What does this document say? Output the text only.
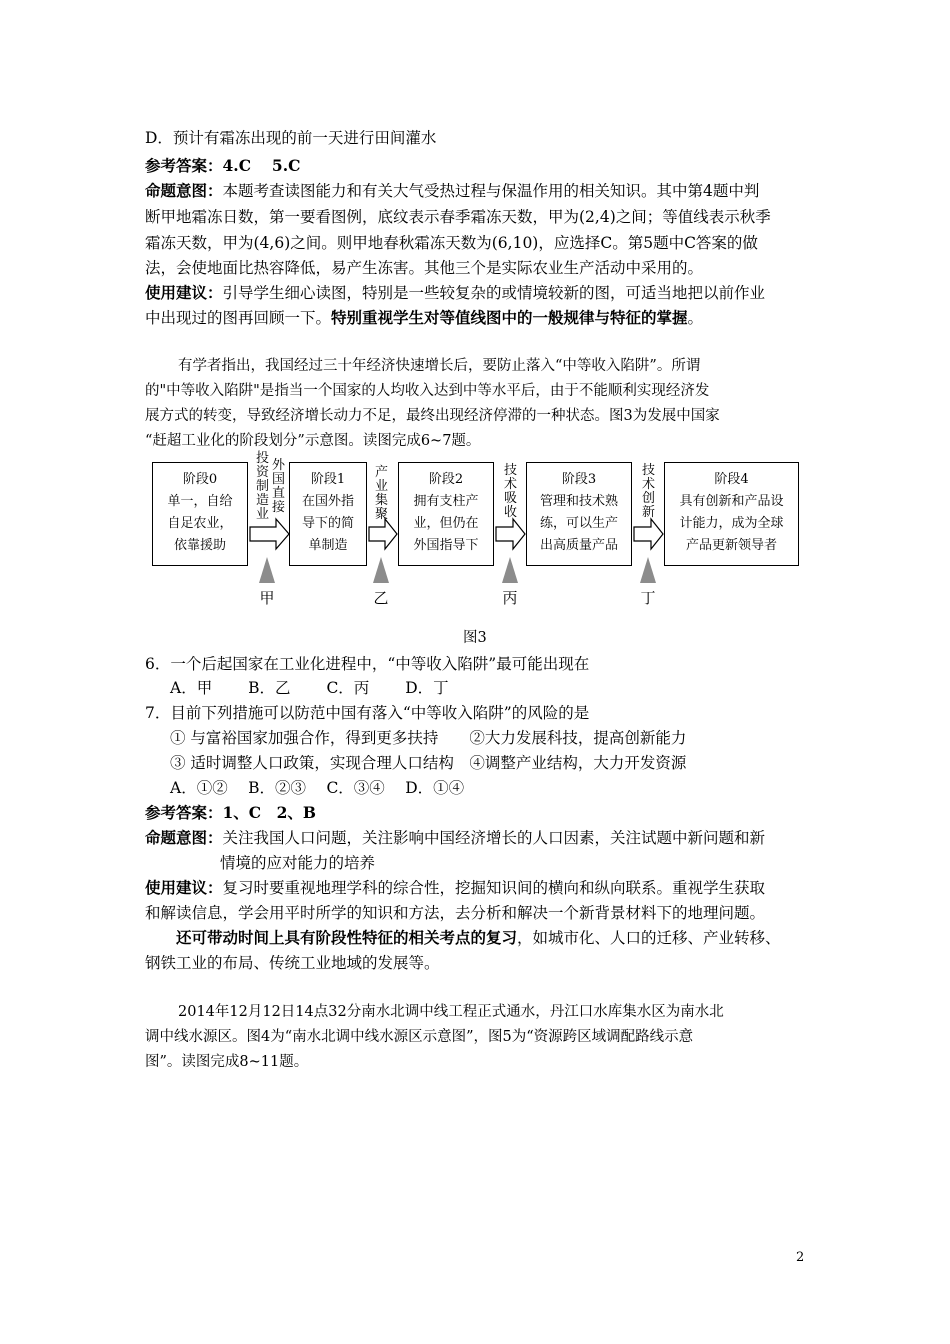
D．预计有霜冻出现的前一天进行田间灌水
参考答案：4.C　 5.C
命题意图：本题考查读图能力和有关大气受热过程与保温作用的相关知识。其中第4题中判
断甲地霜冻日数，第一要看图例，底纹表示春季霜冻天数，甲为(2,4)之间；等值线表示秋季
霜冻天数，甲为(4,6)之间。则甲地春秋霜冻天数为(6,10)，应选择C。第5题中C答案的做
法，会使地面比热容降低，易产生冻害。其他三个是实际农业生产活动中采用的。
使用建议：引导学生细心读图，特别是一些较复杂的或情境较新的图，可适当地把以前作业
中出现过的图再回顾一下。特别重视学生对等值线图中的一般规律与特征的掌握。
有学者指出，我国经过三十年经济快速增长后，要防止落入“中等收入陷阱”。所谓
的"中等收入陷阱"是指当一个国家的人均收入达到中等水平后，由于不能顺利实现经济发
展方式的转变，导致经济增长动力不足，最终出现经济停滞的一种状态。图3为发展中国家
“赶超工业化的阶段划分”示意图。读图完成6~7题。
阶段0
单一，自给
自足农业，
依靠援助
阶段1
在国外指
导下的简
单制造
阶段2
拥有支柱产
业，但仍在
外国指导下
阶段3
管理和技术熟
练，可以生产
出高质量产品
阶段4
具有创新和产品设
计能力，成为全球
产品更新领导者
投资制造业
外国直接
产业集聚
技术吸收
技术创新
甲	乙	丙	丁
图3
6．一个后起国家在工业化进程中，“中等收入陷阱”最可能出现在
A．甲　　 B．乙　　 C．丙　　 D．丁
7．目前下列措施可以防范中国有落入“中等收入陷阱”的风险的是
① 与富裕国家加强合作，得到更多扶持　　②大力发展科技，提高创新能力
③ 适时调整人口政策，实现合理人口结构　④调整产业结构，大力开发资源
A．①②　 B．②③　 C．③④　 D．①④
参考答案：1、C　2、B
命题意图：关注我国人口问题，关注影响中国经济增长的人口因素，关注试题中新问题和新
情境的应对能力的培养
使用建议：复习时要重视地理学科的综合性，挖掘知识间的横向和纵向联系。重视学生获取
和解读信息，学会用平时所学的知识和方法，去分析和解决一个新背景材料下的地理问题。
还可带动时间上具有阶段性特征的相关考点的复习，如城市化、人口的迁移、产业转移、
钢铁工业的布局、传统工业地域的发展等。
2014年12月12日14点32分南水北调中线工程正式通水，丹江口水库集水区为南水北
调中线水源区。图4为“南水北调中线水源区示意图”，图5为“资源跨区域调配路线示意
图”。读图完成8~11题。
2
